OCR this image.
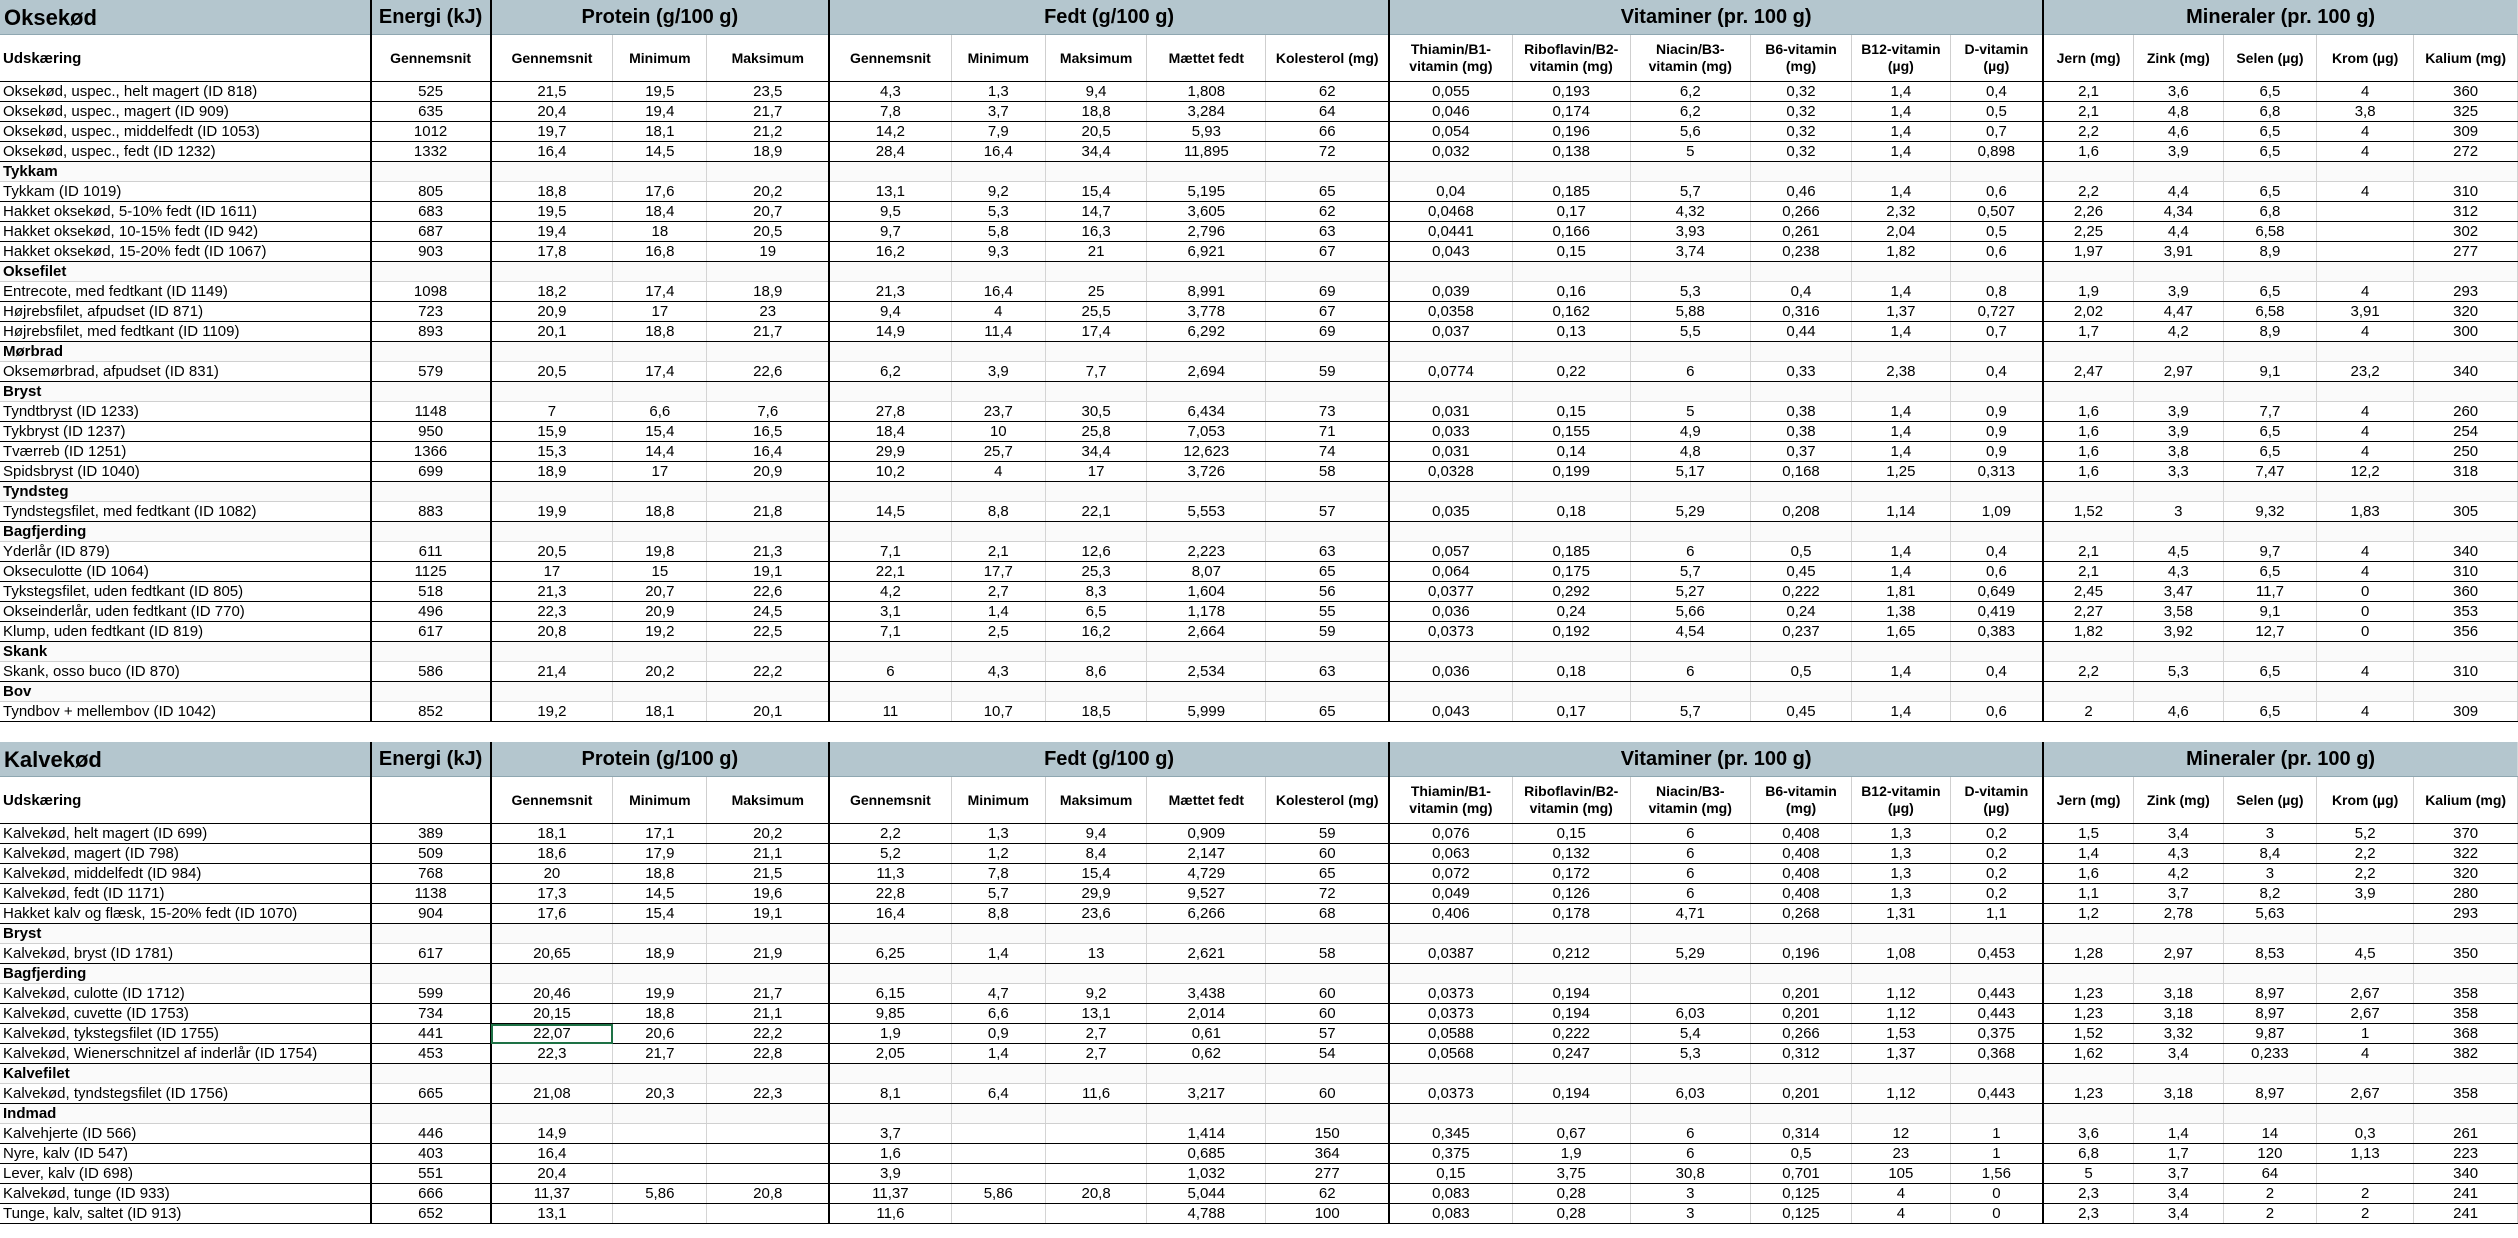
Oksekød	Energi (kJ)	Protein (g/100 g)			Fedt (g/100 g)					Vitaminer (pr. 100 g)						Mineraler (pr. 100 g)				
Udskæring	Gennemsnit	Gennemsnit	Minimum	Maksimum	Gennemsnit	Minimum	Maksimum	Mættet fedt	Kolesterol (mg)	Thiamin/B1-vitamin (mg)	Riboflavin/B2-vitamin (mg)	Niacin/B3-vitamin (mg)	B6-vitamin (mg)	B12-vitamin (µg)	D-vitamin (µg)	Jern (mg)	Zink (mg)	Selen (µg)	Krom (µg)	Kalium (mg)
Oksekød, uspec., helt magert (ID 818)	525	21,5	19,5	23,5	4,3	1,3	9,4	1,808	62	0,055	0,193	6,2	0,32	1,4	0,4	2,1	3,6	6,5	4	360
Oksekød, uspec., magert (ID 909)	635	20,4	19,4	21,7	7,8	3,7	18,8	3,284	64	0,046	0,174	6,2	0,32	1,4	0,5	2,1	4,8	6,8	3,8	325
Oksekød, uspec., middelfedt (ID 1053)	1012	19,7	18,1	21,2	14,2	7,9	20,5	5,93	66	0,054	0,196	5,6	0,32	1,4	0,7	2,2	4,6	6,5	4	309
Oksekød, uspec., fedt (ID 1232)	1332	16,4	14,5	18,9	28,4	16,4	34,4	11,895	72	0,032	0,138	5	0,32	1,4	0,898	1,6	3,9	6,5	4	272
Tykkam																				
Tykkam (ID 1019)	805	18,8	17,6	20,2	13,1	9,2	15,4	5,195	65	0,04	0,185	5,7	0,46	1,4	0,6	2,2	4,4	6,5	4	310
Hakket oksekød, 5-10% fedt (ID 1611)	683	19,5	18,4	20,7	9,5	5,3	14,7	3,605	62	0,0468	0,17	4,32	0,266	2,32	0,507	2,26	4,34	6,8		312
Hakket oksekød, 10-15% fedt (ID 942)	687	19,4	18	20,5	9,7	5,8	16,3	2,796	63	0,0441	0,166	3,93	0,261	2,04	0,5	2,25	4,4	6,58		302
Hakket oksekød, 15-20% fedt (ID 1067)	903	17,8	16,8	19	16,2	9,3	21	6,921	67	0,043	0,15	3,74	0,238	1,82	0,6	1,97	3,91	8,9		277
Oksefilet																				
Entrecote, med fedtkant (ID 1149)	1098	18,2	17,4	18,9	21,3	16,4	25	8,991	69	0,039	0,16	5,3	0,4	1,4	0,8	1,9	3,9	6,5	4	293
Højrebsfilet, afpudset (ID 871)	723	20,9	17	23	9,4	4	25,5	3,778	67	0,0358	0,162	5,88	0,316	1,37	0,727	2,02	4,47	6,58	3,91	320
Højrebsfilet, med fedtkant (ID 1109)	893	20,1	18,8	21,7	14,9	11,4	17,4	6,292	69	0,037	0,13	5,5	0,44	1,4	0,7	1,7	4,2	8,9	4	300
Mørbrad																				
Oksemørbrad, afpudset (ID 831)	579	20,5	17,4	22,6	6,2	3,9	7,7	2,694	59	0,0774	0,22	6	0,33	2,38	0,4	2,47	2,97	9,1	23,2	340
Bryst																				
Tyndtbryst (ID 1233)	1148	7	6,6	7,6	27,8	23,7	30,5	6,434	73	0,031	0,15	5	0,38	1,4	0,9	1,6	3,9	7,7	4	260
Tykbryst (ID 1237)	950	15,9	15,4	16,5	18,4	10	25,8	7,053	71	0,033	0,155	4,9	0,38	1,4	0,9	1,6	3,9	6,5	4	254
Tværreb (ID 1251)	1366	15,3	14,4	16,4	29,9	25,7	34,4	12,623	74	0,031	0,14	4,8	0,37	1,4	0,9	1,6	3,8	6,5	4	250
Spidsbryst (ID 1040)	699	18,9	17	20,9	10,2	4	17	3,726	58	0,0328	0,199	5,17	0,168	1,25	0,313	1,6	3,3	7,47	12,2	318
Tyndsteg																				
Tyndstegsfilet, med fedtkant (ID 1082)	883	19,9	18,8	21,8	14,5	8,8	22,1	5,553	57	0,035	0,18	5,29	0,208	1,14	1,09	1,52	3	9,32	1,83	305
Bagfjerding																				
Yderlår (ID 879)	611	20,5	19,8	21,3	7,1	2,1	12,6	2,223	63	0,057	0,185	6	0,5	1,4	0,4	2,1	4,5	9,7	4	340
Okseculotte (ID 1064)	1125	17	15	19,1	22,1	17,7	25,3	8,07	65	0,064	0,175	5,7	0,45	1,4	0,6	2,1	4,3	6,5	4	310
Tykstegsfilet, uden fedtkant (ID 805)	518	21,3	20,7	22,6	4,2	2,7	8,3	1,604	56	0,0377	0,292	5,27	0,222	1,81	0,649	2,45	3,47	11,7	0	360
Okseinderlår, uden fedtkant (ID 770)	496	22,3	20,9	24,5	3,1	1,4	6,5	1,178	55	0,036	0,24	5,66	0,24	1,38	0,419	2,27	3,58	9,1	0	353
Klump, uden fedtkant (ID 819)	617	20,8	19,2	22,5	7,1	2,5	16,2	2,664	59	0,0373	0,192	4,54	0,237	1,65	0,383	1,82	3,92	12,7	0	356
Skank																				
Skank, osso buco (ID 870)	586	21,4	20,2	22,2	6	4,3	8,6	2,534	63	0,036	0,18	6	0,5	1,4	0,4	2,2	5,3	6,5	4	310
Bov																				
Tyndbov + mellembov (ID 1042)	852	19,2	18,1	20,1	11	10,7	18,5	5,999	65	0,043	0,17	5,7	0,45	1,4	0,6	2	4,6	6,5	4	309
Kalvekød	Energi (kJ)	Protein (g/100 g)			Fedt (g/100 g)					Vitaminer (pr. 100 g)						Mineraler (pr. 100 g)				
Udskæring		Gennemsnit	Minimum	Maksimum	Gennemsnit	Minimum	Maksimum	Mættet fedt	Kolesterol (mg)	Thiamin/B1-vitamin (mg)	Riboflavin/B2-vitamin (mg)	Niacin/B3-vitamin (mg)	B6-vitamin (mg)	B12-vitamin (µg)	D-vitamin (µg)	Jern (mg)	Zink (mg)	Selen (µg)	Krom (µg)	Kalium (mg)
Kalvekød, helt magert (ID 699)	389	18,1	17,1	20,2	2,2	1,3	9,4	0,909	59	0,076	0,15	6	0,408	1,3	0,2	1,5	3,4	3	5,2	370
Kalvekød, magert (ID 798)	509	18,6	17,9	21,1	5,2	1,2	8,4	2,147	60	0,063	0,132	6	0,408	1,3	0,2	1,4	4,3	8,4	2,2	322
Kalvekød, middelfedt (ID 984)	768	20	18,8	21,5	11,3	7,8	15,4	4,729	65	0,072	0,172	6	0,408	1,3	0,2	1,6	4,2	3	2,2	320
Kalvekød, fedt (ID 1171)	1138	17,3	14,5	19,6	22,8	5,7	29,9	9,527	72	0,049	0,126	6	0,408	1,3	0,2	1,1	3,7	8,2	3,9	280
Hakket kalv og flæsk, 15-20% fedt (ID 1070)	904	17,6	15,4	19,1	16,4	8,8	23,6	6,266	68	0,406	0,178	4,71	0,268	1,31	1,1	1,2	2,78	5,63		293
Bryst																				
Kalvekød, bryst (ID 1781)	617	20,65	18,9	21,9	6,25	1,4	13	2,621	58	0,0387	0,212	5,29	0,196	1,08	0,453	1,28	2,97	8,53	4,5	350
Bagfjerding																				
Kalvekød, culotte (ID 1712)	599	20,46	19,9	21,7	6,15	4,7	9,2	3,438	60	0,0373	0,194		0,201	1,12	0,443	1,23	3,18	8,97	2,67	358
Kalvekød, cuvette (ID 1753)	734	20,15	18,8	21,1	9,85	6,6	13,1	2,014	60	0,0373	0,194	6,03	0,201	1,12	0,443	1,23	3,18	8,97	2,67	358
Kalvekød, tykstegsfilet (ID 1755)	441	22,07	20,6	22,2	1,9	0,9	2,7	0,61	57	0,0588	0,222	5,4	0,266	1,53	0,375	1,52	3,32	9,87	1	368
Kalvekød, Wienerschnitzel af inderlår (ID 1754)	453	22,3	21,7	22,8	2,05	1,4	2,7	0,62	54	0,0568	0,247	5,3	0,312	1,37	0,368	1,62	3,4	0,233	4	382
Kalvefilet																				
Kalvekød, tyndstegsfilet (ID 1756)	665	21,08	20,3	22,3	8,1	6,4	11,6	3,217	60	0,0373	0,194	6,03	0,201	1,12	0,443	1,23	3,18	8,97	2,67	358
Indmad																				
Kalvehjerte (ID 566)	446	14,9			3,7			1,414	150	0,345	0,67	6	0,314	12	1	3,6	1,4	14	0,3	261
Nyre, kalv (ID 547)	403	16,4			1,6			0,685	364	0,375	1,9	6	0,5	23	1	6,8	1,7	120	1,13	223
Lever, kalv (ID 698)	551	20,4			3,9			1,032	277	0,15	3,75	30,8	0,701	105	1,56	5	3,7	64		340
Kalvekød, tunge (ID 933)	666	11,37	5,86	20,8	11,37	5,86	20,8	5,044	62	0,083	0,28	3	0,125	4	0	2,3	3,4	2	2	241
Tunge, kalv, saltet (ID 913)	652	13,1			11,6			4,788	100	0,083	0,28	3	0,125	4	0	2,3	3,4	2	2	241
